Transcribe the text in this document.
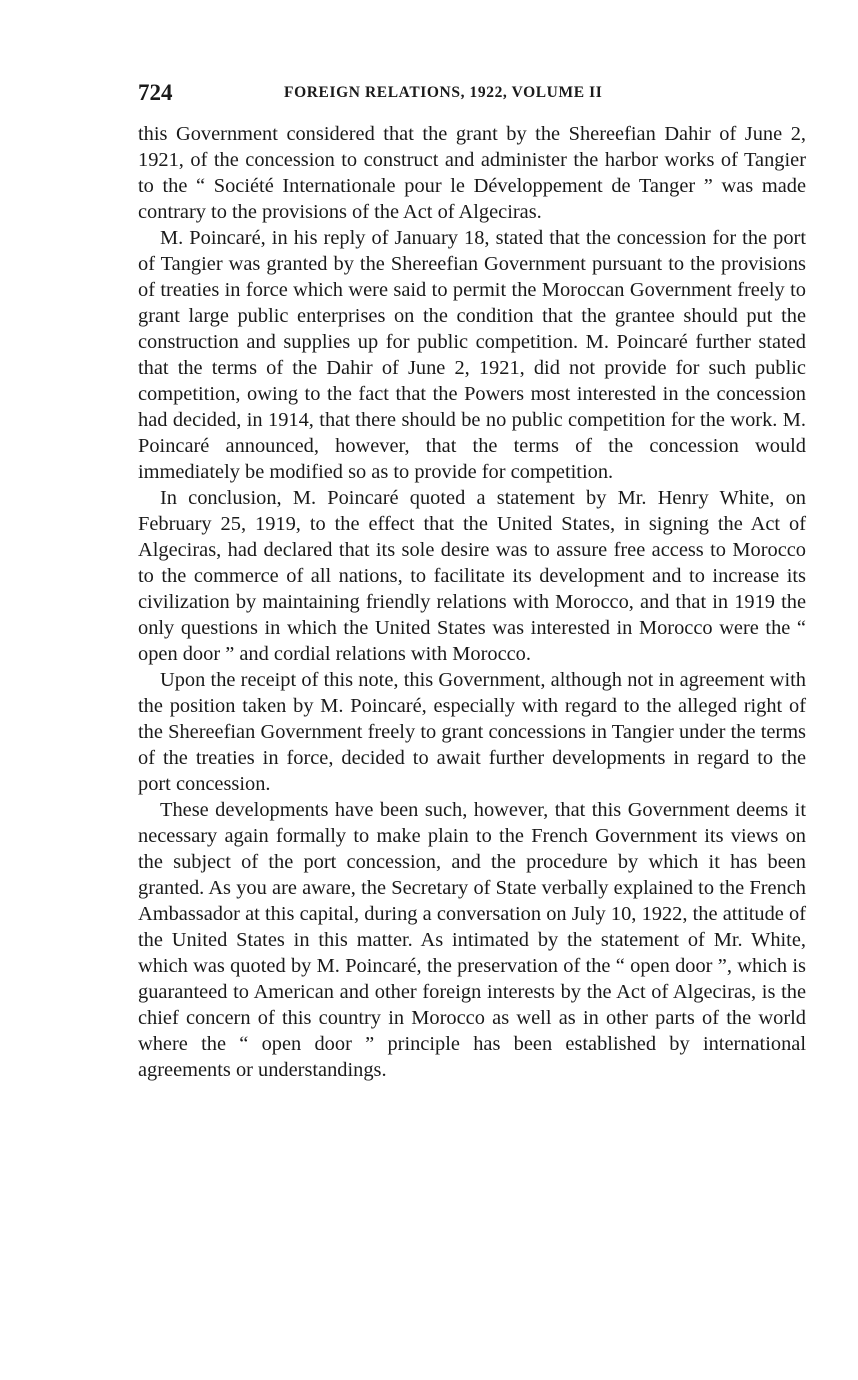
724	FOREIGN RELATIONS, 1922, VOLUME II

this Government considered that the grant by the Shereefian Dahir of June 2, 1921, of the concession to construct and administer the harbor works of Tangier to the “ Société Internationale pour le Développement de Tanger ” was made contrary to the provisions of the Act of Algeciras.

M. Poincaré, in his reply of January 18, stated that the concession for the port of Tangier was granted by the Shereefian Government pursuant to the provisions of treaties in force which were said to permit the Moroccan Government freely to grant large public enterprises on the condition that the grantee should put the construction and supplies up for public competition. M. Poincaré further stated that the terms of the Dahir of June 2, 1921, did not provide for such public competition, owing to the fact that the Powers most interested in the concession had decided, in 1914, that there should be no public competition for the work. M. Poincaré announced, however, that the terms of the concession would immediately be modified so as to provide for competition.

In conclusion, M. Poincaré quoted a statement by Mr. Henry White, on February 25, 1919, to the effect that the United States, in signing the Act of Algeciras, had declared that its sole desire was to assure free access to Morocco to the commerce of all nations, to facilitate its development and to increase its civilization by maintaining friendly relations with Morocco, and that in 1919 the only questions in which the United States was interested in Morocco were the “ open door ” and cordial relations with Morocco.

Upon the receipt of this note, this Government, although not in agreement with the position taken by M. Poincaré, especially with regard to the alleged right of the Shereefian Government freely to grant concessions in Tangier under the terms of the treaties in force, decided to await further developments in regard to the port concession.

These developments have been such, however, that this Government deems it necessary again formally to make plain to the French Government its views on the subject of the port concession, and the procedure by which it has been granted. As you are aware, the Secretary of State verbally explained to the French Ambassador at this capital, during a conversation on July 10, 1922, the attitude of the United States in this matter. As intimated by the statement of Mr. White, which was quoted by M. Poincaré, the preservation of the “ open door ”, which is guaranteed to American and other foreign interests by the Act of Algeciras, is the chief concern of this country in Morocco as well as in other parts of the world where the “ open door ” principle has been established by international agreements or understandings.
